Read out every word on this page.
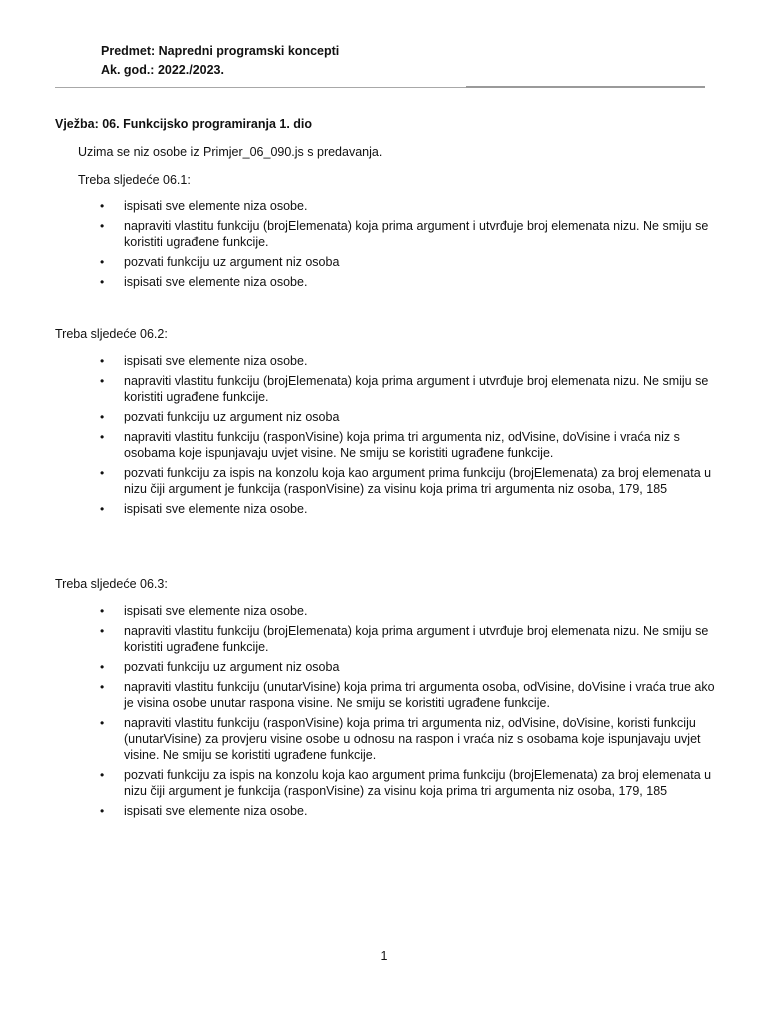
Predmet: Napredni programski koncepti
Ak. god.: 2022./2023.
Vježba: 06. Funkcijsko programiranja 1. dio
Uzima se niz osobe iz Primjer_06_090.js s predavanja.
Treba sljedeće 06.1:
• ispisati sve elemente niza osobe.
• napraviti vlastitu funkciju (brojElemenata) koja prima argument i utvrđuje broj elemenata nizu. Ne smiju se koristiti ugrađene funkcije.
• pozvati funkciju uz argument niz osoba
• ispisati sve elemente niza osobe.
Treba sljedeće 06.2:
• ispisati sve elemente niza osobe.
• napraviti vlastitu funkciju (brojElemenata) koja prima argument i utvrđuje broj elemenata nizu. Ne smiju se koristiti ugrađene funkcije.
• pozvati funkciju uz argument niz osoba
• napraviti vlastitu funkciju (rasponVisine) koja prima tri argumenta niz, odVisine, doVisine i vraća niz s osobama koje ispunjavaju uvjet visine. Ne smiju se koristiti ugrađene funkcije.
• pozvati funkciju za ispis na konzolu koja kao argument prima funkciju (brojElemenata) za broj elemenata u nizu čiji argument je funkcija (rasponVisine) za visinu koja prima tri argumenta niz osoba, 179, 185
• ispisati sve elemente niza osobe.
Treba sljedeće 06.3:
• ispisati sve elemente niza osobe.
• napraviti vlastitu funkciju (brojElemenata) koja prima argument i utvrđuje broj elemenata nizu. Ne smiju se koristiti ugrađene funkcije.
• pozvati funkciju uz argument niz osoba
• napraviti vlastitu funkciju (unutarVisine) koja prima tri argumenta osoba, odVisine, doVisine i vraća true ako je visina osobe unutar raspona visine. Ne smiju se koristiti ugrađene funkcije.
• napraviti vlastitu funkciju (rasponVisine) koja prima tri argumenta niz, odVisine, doVisine, koristi funkciju (unutarVisine) za provjeru visine osobe u odnosu na raspon i vraća niz s osobama koje ispunjavaju uvjet visine. Ne smiju se koristiti ugrađene funkcije.
• pozvati funkciju za ispis na konzolu koja kao argument prima funkciju (brojElemenata) za broj elemenata u nizu čiji argument je funkcija (rasponVisine) za visinu koja prima tri argumenta niz osoba, 179, 185
• ispisati sve elemente niza osobe.
1
